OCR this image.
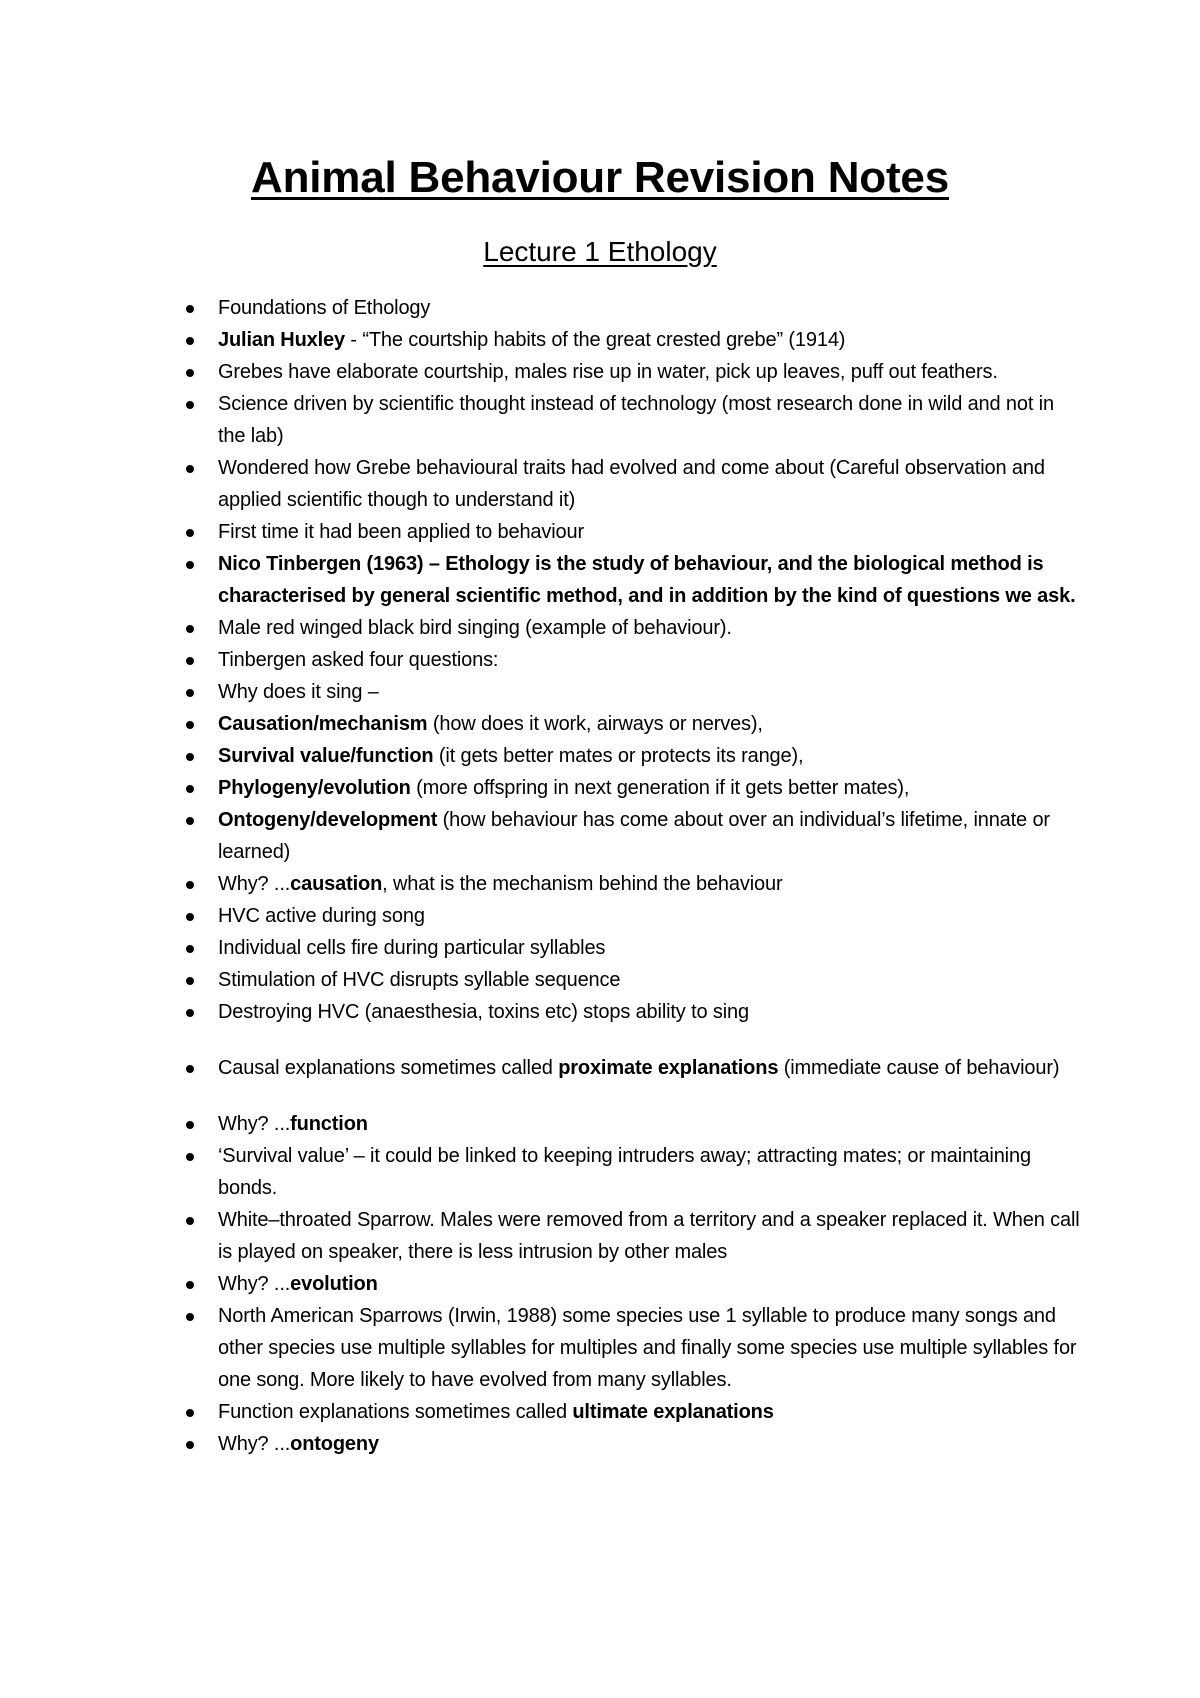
Animal Behaviour Revision Notes
Lecture 1 Ethology
Foundations of Ethology
Julian Huxley - “The courtship habits of the great crested grebe” (1914)
Grebes have elaborate courtship, males rise up in water, pick up leaves, puff out feathers.
Science driven by scientific thought instead of technology (most research done in wild and not in the lab)
Wondered how Grebe behavioural traits had evolved and come about (Careful observation and applied scientific though to understand it)
First time it had been applied to behaviour
Nico Tinbergen (1963) – Ethology is the study of behaviour, and the biological method is characterised by general scientific method, and in addition by the kind of questions we ask.
Male red winged black bird singing (example of behaviour).
Tinbergen asked four questions:
Why does it sing –
Causation/mechanism (how does it work, airways or nerves),
Survival value/function (it gets better mates or protects its range),
Phylogeny/evolution (more offspring in next generation if it gets better mates),
Ontogeny/development (how behaviour has come about over an individual’s lifetime, innate or learned)
Why? ...causation, what is the mechanism behind the behaviour
HVC active during song
Individual cells fire during particular syllables
Stimulation of HVC disrupts syllable sequence
Destroying HVC (anaesthesia, toxins etc) stops ability to sing
Causal explanations sometimes called proximate explanations (immediate cause of behaviour)
Why? ...function
‘Survival value’ – it could be linked to keeping intruders away; attracting mates; or maintaining bonds.
White–throated Sparrow. Males were removed from a territory and a speaker replaced it. When call is played on speaker, there is less intrusion by other males
Why? ...evolution
North American Sparrows (Irwin, 1988) some species use 1 syllable to produce many songs and other species use multiple syllables for multiples and finally some species use multiple syllables for one song. More likely to have evolved from many syllables.
Function explanations sometimes called ultimate explanations
Why? ...ontogeny
